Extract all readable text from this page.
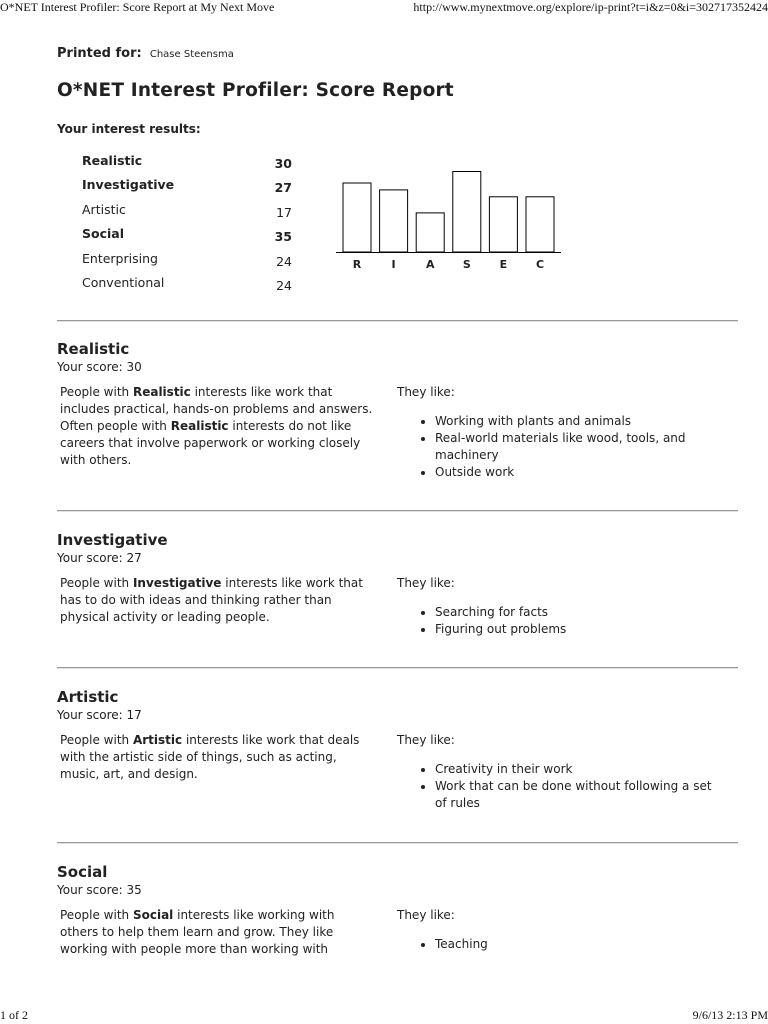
O*NET Interest Profiler: Score Report at My Next Move	http://www.mynextmove.org/explore/ip-print?t=i&z=0&i=302717352424
Printed for: Chase Steensma
O*NET Interest Profiler: Score Report
Your interest results:
Realistic	30
Investigative	27
Artistic	17
Social	35
Enterprising	24
Conventional	24
R	I	A	S	E	C
Realistic
Your score: 30
People with Realistic interests like work that includes practical, hands-on problems and answers. Often people with Realistic interests do not like careers that involve paperwork or working closely with others.
They like:
• Working with plants and animals
• Real-world materials like wood, tools, and machinery
• Outside work
Investigative
Your score: 27
People with Investigative interests like work that has to do with ideas and thinking rather than physical activity or leading people.
They like:
• Searching for facts
• Figuring out problems
Artistic
Your score: 17
People with Artistic interests like work that deals with the artistic side of things, such as acting, music, art, and design.
They like:
• Creativity in their work
• Work that can be done without following a set of rules
Social
Your score: 35
People with Social interests like working with others to help them learn and grow. They like working with people more than working with
They like:
• Teaching
1 of 2	9/6/13 2:13 PM
